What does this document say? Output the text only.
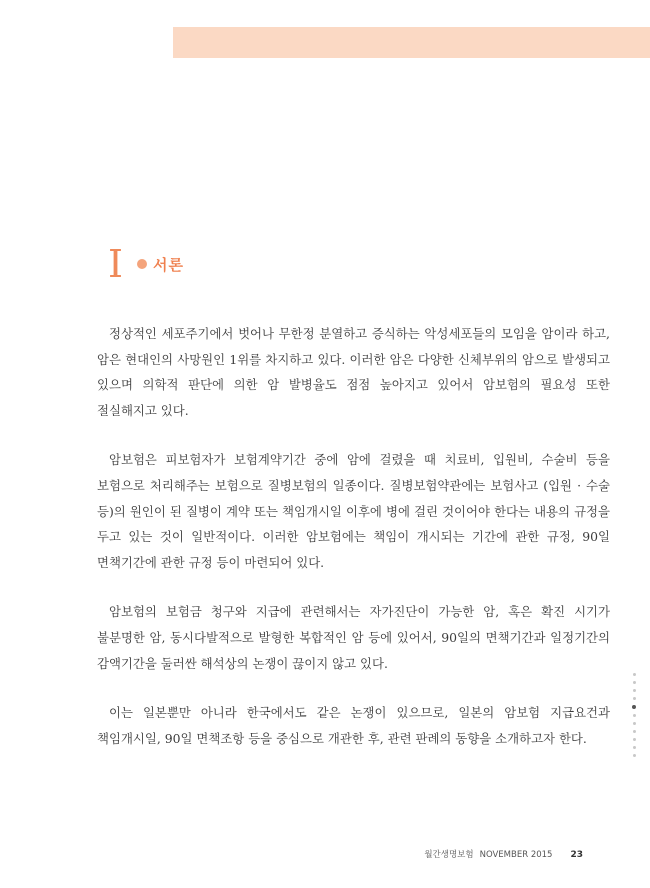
I 서론

정상적인 세포주기에서 벗어나 무한정 분열하고 증식하는 악성세포들의 모임을 암이라 하고, 암은 현대인의 사망원인 1위를 차지하고 있다. 이러한 암은 다양한 신체부위의 암으로 발생되고 있으며 의학적 판단에 의한 암 발병율도 점점 높아지고 있어서 암보험의 필요성 또한 절실해지고 있다.

암보험은 피보험자가 보험계약기간 중에 암에 걸렸을 때 치료비, 입원비, 수술비 등을 보험으로 처리해주는 보험으로 질병보험의 일종이다. 질병보험약관에는 보험사고 (입원 · 수술 등)의 원인이 된 질병이 계약 또는 책임개시일 이후에 병에 걸린 것이어야 한다는 내용의 규정을 두고 있는 것이 일반적이다. 이러한 암보험에는 책임이 개시되는 기간에 관한 규정, 90일 면책기간에 관한 규정 등이 마련되어 있다.

암보험의 보험금 청구와 지급에 관련해서는 자가진단이 가능한 암, 혹은 확진 시기가 불분명한 암, 동시다발적으로 발형한 복합적인 암 등에 있어서, 90일의 면책기간과 일정기간의 감액기간을 둘러싼 해석상의 논쟁이 끊이지 않고 있다.

이는 일본뿐만 아니라 한국에서도 같은 논쟁이 있으므로, 일본의 암보험 지급요건과 책임개시일, 90일 면책조항 등을 중심으로 개관한 후, 관련 판례의 동향을 소개하고자 한다.

월간생명보험 NOVEMBER 2015 23
